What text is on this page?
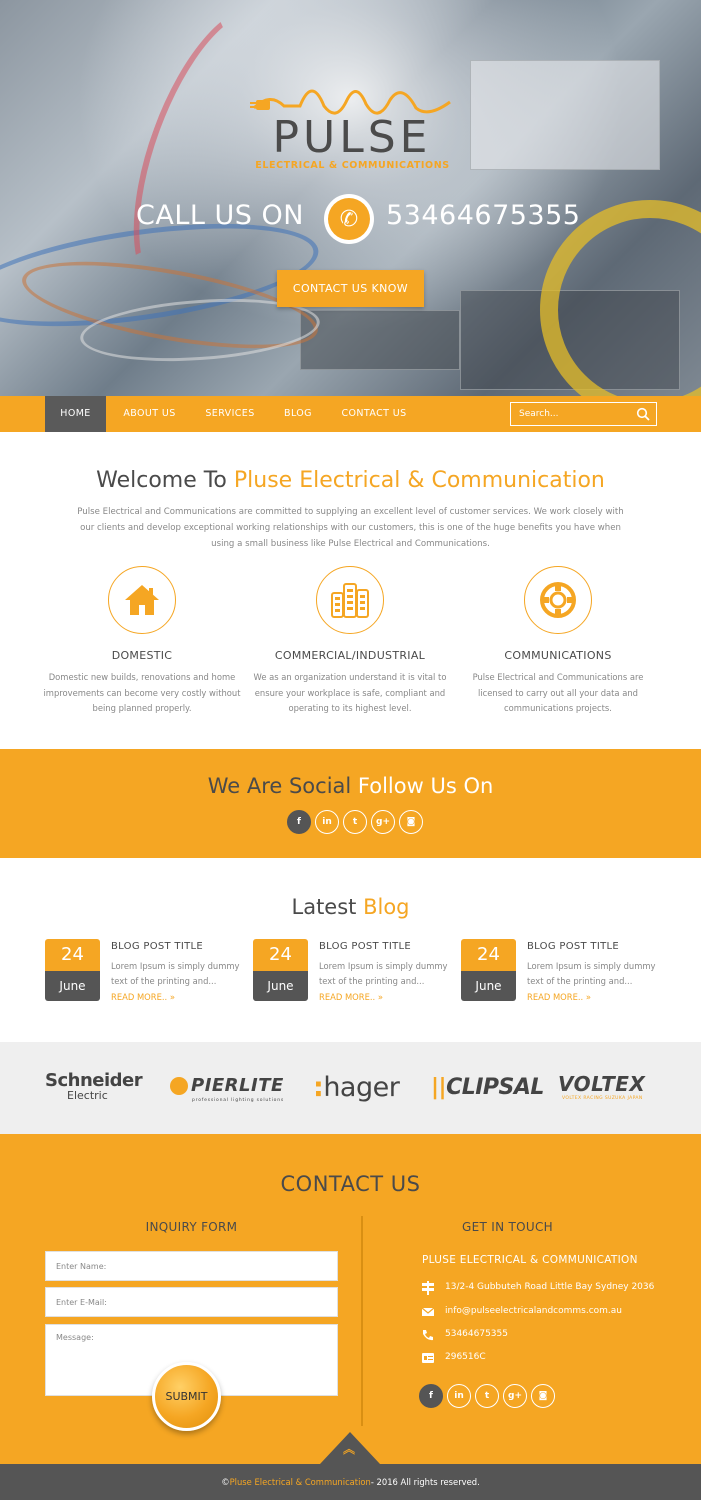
PULSE
ELECTRICAL & COMMUNICATIONS
CALL US ON	✆	53464675355
CONTACT US KNOW
HOME	ABOUT US	SERVICES	BLOG	CONTACT US
Search...
Welcome To Pluse Electrical & Communication

Pulse Electrical and Communications are committed to supplying an excellent level of customer services. We work closely with our clients and develop exceptional working relationships with our customers, this is one of the huge benefits you have when using a small business like Pulse Electrical and Communications.

DOMESTIC
Domestic new builds, renovations and home improvements can become very costly without being planned properly.
COMMERCIAL/INDUSTRIAL
We as an organization understand it is vital to ensure your workplace is safe, compliant and operating to its highest level.
COMMUNICATIONS
Pulse Electrical and Communications are licensed to carry out all your data and communications projects.
We Are Social Follow Us On
f	in	t	g+	◙
Latest Blog
24
June
BLOG POST TITLE
Lorem Ipsum is simply dummy text of the printing and...
READ MORE.. »
24
June
BLOG POST TITLE
Lorem Ipsum is simply dummy text of the printing and...
READ MORE.. »
24
June
BLOG POST TITLE
Lorem Ipsum is simply dummy text of the printing and...
READ MORE.. »
Schneider
Electric	PIERLITE
professional lighting solutions :hager ||CLIPSAL VOLTEX
VOLTEX RACING SUZUKA JAPAN
CONTACT US
INQUIRY FORM
Enter Name:
Enter E-Mail:
Message:
SUBMIT
GET IN TOUCH
PLUSE ELECTRICAL & COMMUNICATION
13/2-4 Gubbuteh Road Little Bay Sydney 2036
info@pulseelectricalandcomms.com.au
53464675355
296516C
f	in	t	g+	◙
︽
©Pluse Electrical & Communication- 2016 All rights reserved.
